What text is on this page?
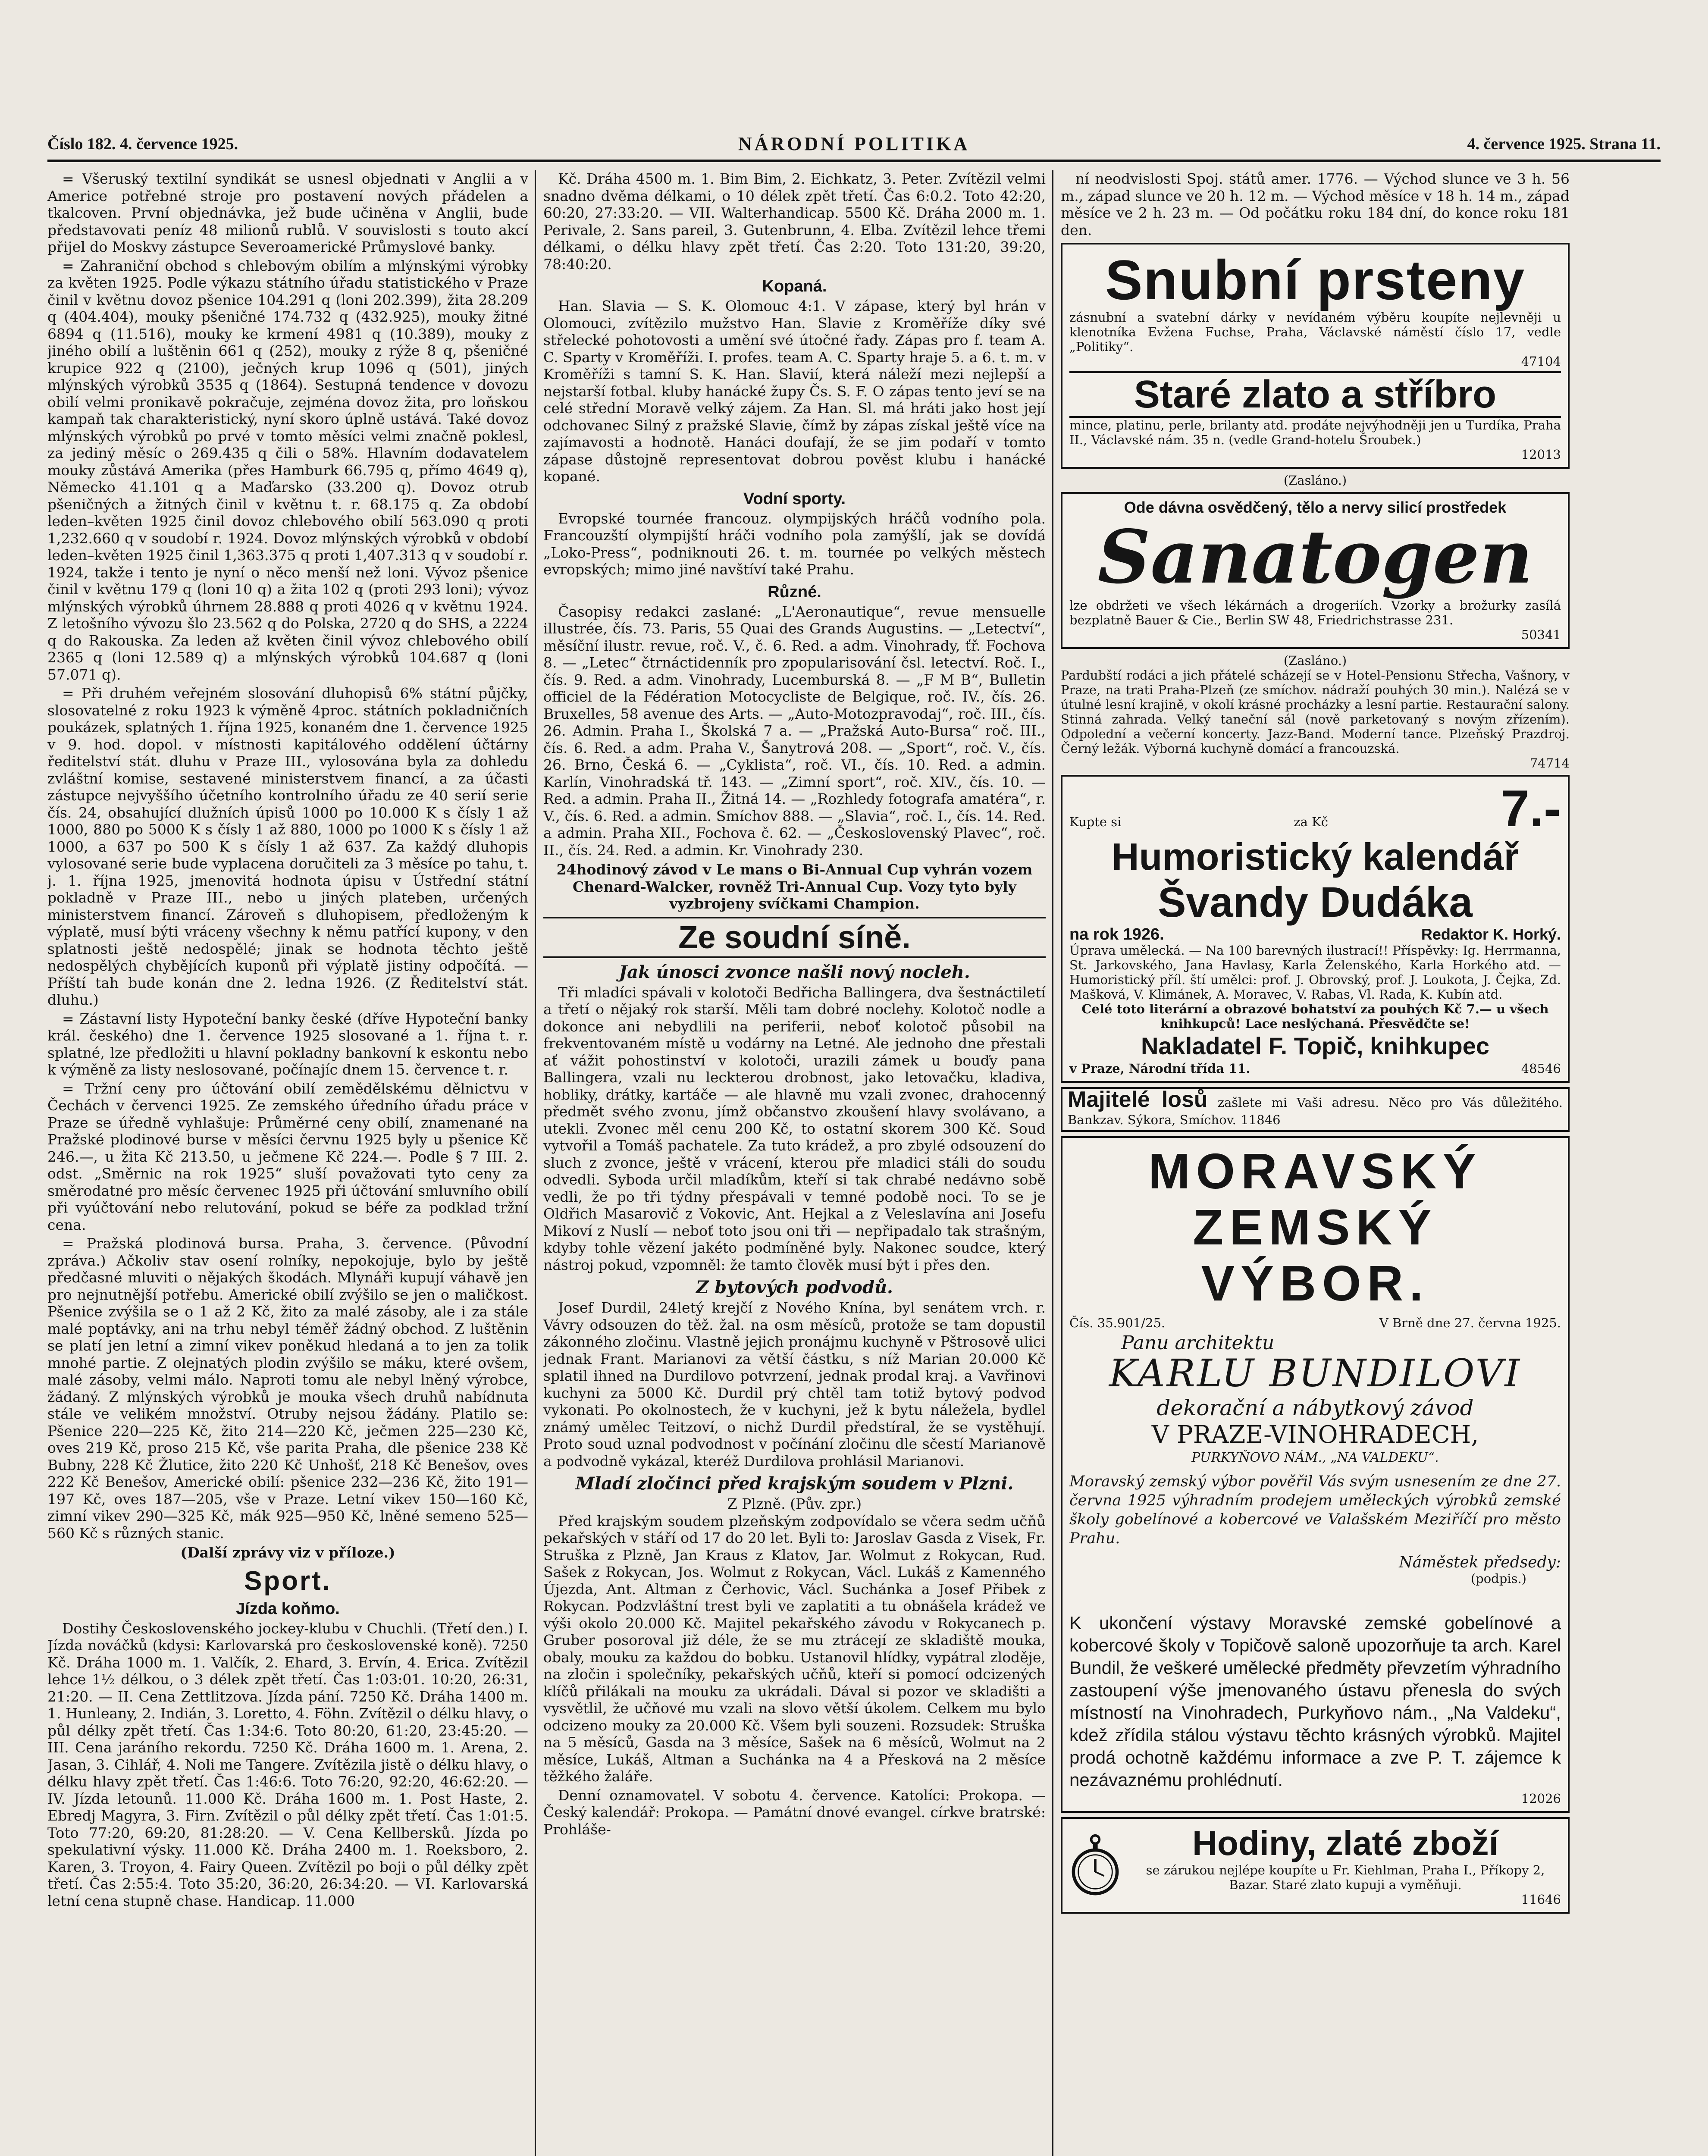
Číslo 182. 4. července 1925.	NÁRODNÍ POLITIKA	4. července 1925. Strana 11.

= Všeruský textilní syndikát se usnesl objednati v Anglii a v Americe potřebné stroje pro postavení nových přádelen a tkalcoven. První objednávka, jež bude učiněna v Anglii, bude představovati peníz 48 milionů rublů. V souvislosti s touto akcí přijel do Moskvy zástupce Severoamerické Průmyslové banky.

= Zahraniční obchod s chlebovým obilím a mlýnskými výrobky za květen 1925. Podle výkazu státního úřadu statistického v Praze činil v květnu dovoz pšenice 104.291 q (loni 202.399), žita 28.209 q (404.404), mouky pšeničné 174.732 q (432.925), mouky žitné 6894 q (11.516), mouky ke krmení 4981 q (10.389), mouky z jiného obilí a luštěnin 661 q (252), mouky z rýže 8 q, pšeničné krupice 922 q (2100), ječných krup 1096 q (501), jiných mlýnských výrobků 3535 q (1864). Sestupná tendence v dovozu obilí velmi pronikavě pokračuje, zejména dovoz žita, pro loňskou kampaň tak charakteristický, nyní skoro úplně ustává. Také dovoz mlýnských výrobků po prvé v tomto měsíci velmi značně poklesl, za jediný měsíc o 269.435 q čili o 58%. Hlavním dodavatelem mouky zůstává Amerika (přes Hamburk 66.795 q, přímo 4649 q), Německo 41.101 q a Maďarsko (33.200 q). Dovoz otrub pšeničných a žitných činil v květnu t. r. 68.175 q. Za období leden–květen 1925 činil dovoz chlebového obilí 563.090 q proti 1,232.660 q v soudobí r. 1924. Dovoz mlýnských výrobků v období leden–květen 1925 činil 1,363.375 q proti 1,407.313 q v soudobí r. 1924, takže i tento je nyní o něco menší než loni. Vývoz pšenice činil v květnu 179 q (loni 10 q) a žita 102 q (proti 293 loni); vývoz mlýnských výrobků úhrnem 28.888 q proti 4026 q v květnu 1924. Z letošního vývozu šlo 23.562 q do Polska, 2720 q do SHS, a 2224 q do Rakouska. Za leden až květen činil vývoz chlebového obilí 2365 q (loni 12.589 q) a mlýnských výrobků 104.687 q (loni 57.071 q).

= Při druhém veřejném slosování dluhopisů 6% státní půjčky, slosovatelné z roku 1923 k výměně 4proc. státních pokladničních poukázek, splatných 1. října 1925, konaném dne 1. července 1925 v 9. hod. dopol. v místnosti kapitálového oddělení účtárny ředitelství stát. dluhu v Praze III., vylosována byla za dohledu zvláštní komise, sestavené ministerstvem financí, a za účasti zástupce nejvyššího účetního kontrolního úřadu ze 40 serií serie čís. 24, obsahující dlužních úpisů 1000 po 10.000 K s čísly 1 až 1000, 880 po 5000 K s čísly 1 až 880, 1000 po 1000 K s čísly 1 až 1000, a 637 po 500 K s čísly 1 až 637. Za každý dluhopis vylosované serie bude vyplacena doručiteli za 3 měsíce po tahu, t. j. 1. října 1925, jmenovitá hodnota úpisu v Ústřední státní pokladně v Praze III., nebo u jiných plateben, určených ministerstvem financí. Zároveň s dluhopisem, předloženým k výplatě, musí býti vráceny všechny k němu patřící kupony, v den splatnosti ještě nedospělé; jinak se hodnota těchto ještě nedospělých chybějících kuponů při výplatě jistiny odpočítá. — Příští tah bude konán dne 2. ledna 1926. (Z Ředitelství stát. dluhu.)

= Zástavní listy Hypoteční banky české (dříve Hypoteční banky král. českého) dne 1. července 1925 slosované a 1. října t. r. splatné, lze předložiti u hlavní pokladny bankovní k eskontu nebo k výměně za listy neslosované, počínajíc dnem 15. července t. r.

= Tržní ceny pro účtování obilí zemědělskému dělnictvu v Čechách v červenci 1925. Ze zemského úředního úřadu práce v Praze se úředně vyhlašuje: Průměrné ceny obilí, znamenané na Pražské plodinové burse v měsíci červnu 1925 byly u pšenice Kč 246.—, u žita Kč 213.50, u ječmene Kč 224.—. Podle § 7 III. 2. odst. „Směrnic na rok 1925“ sluší považovati tyto ceny za směrodatné pro měsíc červenec 1925 při účtování smluvního obilí při vyúčtování nebo relutování, pokud se béře za podklad tržní cena.

= Pražská plodinová bursa. Praha, 3. července. (Původní zpráva.) Ačkoliv stav osení rolníky, nepokojuje, bylo by ještě předčasné mluviti o nějakých škodách. Mlynáři kupují váhavě jen pro nejnutnější potřebu. Americké obilí zvýšilo se jen o maličkost. Pšenice zvýšila se o 1 až 2 Kč, žito za malé zásoby, ale i za stále malé poptávky, ani na trhu nebyl téměř žádný obchod. Z luštěnin se platí jen letní a zimní vikev poněkud hledaná a to jen za tolik mnohé partie. Z olejnatých plodin zvýšilo se máku, které ovšem, malé zásoby, velmi málo. Naproti tomu ale nebyl lněný výrobce, žádaný. Z mlýnských výrobků je mouka všech druhů nabídnuta stále ve velikém množství. Otruby nejsou žádány. Platilo se: Pšenice 220—225 Kč, žito 214—220 Kč, ječmen 225—230 Kč, oves 219 Kč, proso 215 Kč, vše parita Praha, dle pšenice 238 Kč Bubny, 228 Kč Žlutice, žito 220 Kč Unhošť, 218 Kč Benešov, oves 222 Kč Benešov, Americké obilí: pšenice 232—236 Kč, žito 191—197 Kč, oves 187—205, vše v Praze. Letní vikev 150—160 Kč, zimní vikev 290—325 Kč, mák 925—950 Kč, lněné semeno 525—560 Kč s různých stanic.

(Další zprávy viz v příloze.)
Sport.
Jízda koňmo.

Dostihy Československého jockey-klubu v Chuchli. (Třetí den.) I. Jízda nováčků (kdysi: Karlovarská pro československé koně). 7250 Kč. Dráha 1000 m. 1. Valčík, 2. Ehard, 3. Ervín, 4. Erica. Zvítězil lehce 1½ délkou, o 3 délek zpět třetí. Čas 1:03:01. 10:20, 26:31, 21:20. — II. Cena Zettlitzova. Jízda pání. 7250 Kč. Dráha 1400 m. 1. Hunleany, 2. Indián, 3. Loretto, 4. Föhn. Zvítězil o délku hlavy, o půl délky zpět třetí. Čas 1:34:6. Toto 80:20, 61:20, 23:45:20. — III. Cena jaráního rekordu. 7250 Kč. Dráha 1600 m. 1. Arena, 2. Jasan, 3. Cihlář, 4. Noli me Tangere. Zvítězila jistě o délku hlavy, o délku hlavy zpět třetí. Čas 1:46:6. Toto 76:20, 92:20, 46:62:20. — IV. Jízda letounů. 11.000 Kč. Dráha 1600 m. 1. Post Haste, 2. Ebredj Magyra, 3. Firn. Zvítězil o půl délky zpět třetí. Čas 1:01:5. Toto 77:20, 69:20, 81:28:20. — V. Cena Kellbersků. Jízda po spekulativní výsky. 11.000 Kč. Dráha 2400 m. 1. Roeksboro, 2. Karen, 3. Troyon, 4. Fairy Queen. Zvítězil po boji o půl délky zpět třetí. Čas 2:55:4. Toto 35:20, 36:20, 26:34:20. — VI. Karlovarská letní cena stupně chase. Handicap. 11.000

Kč. Dráha 4500 m. 1. Bim Bim, 2. Eichkatz, 3. Peter. Zvítězil velmi snadno dvěma délkami, o 10 délek zpět třetí. Čas 6:0.2. Toto 42:20, 60:20, 27:33:20. — VII. Walterhandicap. 5500 Kč. Dráha 2000 m. 1. Perivale, 2. Sans pareil, 3. Gutenbrunn, 4. Elba. Zvítězil lehce třemi délkami, o délku hlavy zpět třetí. Čas 2:20. Toto 131:20, 39:20, 78:40:20.

Kopaná.

Han. Slavia — S. K. Olomouc 4:1. V zápase, který byl hrán v Olomouci, zvítězilo mužstvo Han. Slavie z Kroměříže díky své střelecké pohotovosti a umění své útočné řady. Zápas pro f. team A. C. Sparty v Kroměříži. I. profes. team A. C. Sparty hraje 5. a 6. t. m. v Kroměříži s tamní S. K. Han. Slavií, která náleží mezi nejlepší a nejstarší fotbal. kluby hanácké župy Čs. S. F. O zápas tento jeví se na celé střední Moravě velký zájem. Za Han. Sl. má hráti jako host její odchovanec Silný z pražské Slavie, čímž by zápas získal ještě více na zajímavosti a hodnotě. Hanáci doufají, že se jim podaří v tomto zápase důstojně representovat dobrou pověst klubu i hanácké kopané.

Vodní sporty.

Evropské tournée francouz. olympijských hráčů vodního pola. Francouzští olympijští hráči vodního pola zamýšlí, jak se dovídá „Loko-Press“, podniknouti 26. t. m. tournée po velkých městech evropských; mimo jiné navštíví také Prahu.

Různé.

Časopisy redakci zaslané: „L'Aeronautique“, revue mensuelle illustrée, čís. 73. Paris, 55 Quai des Grands Augustins. — „Letectví“, měsíční ilustr. revue, roč. V., č. 6. Red. a adm. Vinohrady, ťř. Fochova 8. — „Letec“ čtrnáctidenník pro zpopularisování čsl. letectví. Roč. I., čís. 9. Red. a adm. Vinohrady, Lucemburská 8. — „F M B“, Bulletin officiel de la Fédération Motocycliste de Belgique, roč. IV., čís. 26. Bruxelles, 58 avenue des Arts. — „Auto-Motozpravodaj“, roč. III., čís. 26. Admin. Praha I., Školská 7 a. — „Pražská Auto-Bursa“ roč. III., čís. 6. Red. a adm. Praha V., Šanytrová 208. — „Sport“, roč. V., čís. 26. Brno, Česká 6. — „Cyklista“, roč. VI., čís. 10. Red. a admin. Karlín, Vinohradská tř. 143. — „Zimní sport“, roč. XIV., čís. 10. — Red. a admin. Praha II., Žitná 14. — „Rozhledy fotografa amatéra“, r. V., čís. 6. Red. a admin. Smíchov 888. — „Slavia“, roč. I., čís. 14. Red. a admin. Praha XII., Fochova č. 62. — „Československý Plavec“, roč. II., čís. 24. Red. a admin. Kr. Vinohrady 230.

24hodinový závod v Le mans o Bi-Annual Cup vyhrán vozem Chenard-Walcker, rovněž Tri-Annual Cup. Vozy tyto byly vyzbrojeny svíčkami Champion.
Ze soudní síně.
Jak únosci zvonce našli nový nocleh.

Tři mladíci spávali v kolotoči Bedřicha Ballingera, dva šestnáctiletí a třetí o nějaký rok starší. Měli tam dobré noclehy. Kolotoč nodle a dokonce ani nebydlili na periferii, neboť kolotoč působil na frekventovaném místě u vodárny na Letné. Ale jednoho dne přestali ať vážit pohostinství v kolotoči, urazili zámek u bouďy pana Ballingera, vzali nu leckterou drobnost, jako letovačku, kladiva, hobliky, drátky, kartáče — ale hlavně mu vzali zvonec, drahocenný předmět svého zvonu, jímž občanstvo zkoušení hlavy svolávano, a utekli. Zvonec měl cenu 200 Kč, to ostatní skorem 300 Kč. Soud vytvořil a Tomáš pachatele. Za tuto krádež, a pro zbylé odsouzení do sluch z zvonce, ještě v vrácení, kterou pře mladici stáli do soudu odvedli. Syboda určil mladíkům, kteří si tak chrabé nedávno sobě vedli, že po tři týdny přespávali v temné podobě noci. To se je Oldřich Masarovič z Vokovic, Ant. Hejkal a z Veleslavína ani Josefu Mikoví z Nuslí — neboť toto jsou oni tři — nepřipadalo tak strašným, kdyby tohle vězení jakéto podmíněné byly. Nakonec soudce, který nástroj pokud, vzpomněl: že tamto člověk musí být i přes den.

Z bytových podvodů.

Josef Durdil, 24letý krejčí z Nového Knína, byl senátem vrch. r. Vávry odsouzen do těž. žal. na osm měsíců, protože se tam dopustil zákonného zločinu. Vlastně jejich pronájmu kuchyně v Pštrosově ulici jednak Frant. Marianovi za větší částku, s níž Marian 20.000 Kč splatil ihned na Durdilovo potvrzení, jednak prodal kraj. a Vavřinovi kuchyni za 5000 Kč. Durdil prý chtěl tam totiž bytový podvod vykonati. Po okolnostech, že v kuchyni, jež k bytu náležela, bydlel známý umělec Teitzoví, o nichž Durdil předstíral, že se vystěhují. Proto soud uznal podvodnost v počínání zločinu dle sčestí Marianově a podvodně vykázal, kteréž Durdilova prohlásil Marianovi.

Mladí zločinci před krajským soudem v Plzni.
Z Plzně. (Pův. zpr.)

Před krajským soudem plzeňským zodpovídalo se včera sedm učňů pekařských v stáří od 17 do 20 let. Byli to: Jaroslav Gasda z Visek, Fr. Struška z Plzně, Jan Kraus z Klatov, Jar. Wolmut z Rokycan, Rud. Sašek z Rokycan, Jos. Wolmut z Rokycan, Václ. Lukáš z Kamenného Újezda, Ant. Altman z Čerhovic, Václ. Suchánka a Josef Přibek z Rokycan. Podzvláštní trest byli ve zaplatiti a tu obnášela krádež ve výši okolo 20.000 Kč. Majitel pekařského závodu v Rokycanech p. Gruber posoroval již déle, že se mu ztrácejí ze skladiště mouka, obaly, mouku za každou do bobku. Ustanovil hlídky, vypátral zloděje, na zločin i společníky, pekařských učňů, kteří si pomocí odcizených klíčů přilákali na mouku za ukrádali. Dával si pozor ve skladišti a vysvětlil, že učňové mu vzali na slovo větší úkolem. Celkem mu bylo odcizeno mouky za 20.000 Kč. Všem byli souzeni. Rozsudek: Struška na 5 měsíců, Gasda na 3 měsíce, Sašek na 6 měsíců, Wolmut na 2 měsíce, Lukáš, Altman a Suchánka na 4 a Přesková na 2 měsíce těžkého žaláře.

Denní oznamovatel. V sobotu 4. července. Katolíci: Prokopa. — Český kalendář: Prokopa. — Památní dnové evangel. církve bratrské: Prohláše-

ní neodvislosti Spoj. států amer. 1776. — Východ slunce ve 3 h. 56 m., západ slunce ve 20 h. 12 m. — Východ měsíce v 18 h. 14 m., západ měsíce ve 2 h. 23 m. — Od počátku roku 184 dní, do konce roku 181 den.

Snubní prsteny
zásnubní a svatební dárky v nevídaném výběru koupíte nejlevněji u klenotníka Evžena Fuchse, Praha, Václavské náměstí číslo 17, vedle „Politiky“.
47104
Staré zlato a stříbro
mince, platinu, perle, brilanty atd. prodáte nejvýhodněji jen u Turdíka, Praha II., Václavské nám. 35 n. (vedle Grand-hotelu Šroubek.)
12013
(Zasláno.)
Ode dávna osvědčený, tělo a nervy silicí prostředek
Sanatogen
lze obdržeti ve všech lékárnách a drogeriích. Vzorky a brožurky zasílá bezplatně Bauer & Cie., Berlin SW 48, Friedrichstrasse 231.
50341
(Zasláno.)
Pardubští rodáci a jich přátelé scházejí se v Hotel-Pensionu Střecha, Vašnory, v Praze, na trati Praha-Plzeň (ze smíchov. nádraží pouhých 30 min.). Nalézá se v útulné lesní krajině, v okolí krásné procházky a lesní partie. Restaurační salony. Stinná zahrada. Velký taneční sál (nově parketovaný s novým zřízením). Odpolední a večerní koncerty. Jazz-Band. Moderní tance. Plzeňský Prazdroj. Černý ležák. Výborná kuchyně domácí a francouzská.
74714
Kupte si	za Kč	7.-
Humoristický kalendář
Švandy Dudáka
na rok 1926.	Redaktor K. Horký.
Úprava umělecká. — Na 100 barevných ilustrací!! Příspěvky: Ig. Herrmanna, St. Jarkovského, Jana Havlasy, Karla Želenského, Karla Horkého atd. — Humoristický příl. ští umělci: prof. J. Obrovský, prof. J. Loukota, J. Čejka, Zd. Mašková, V. Klimánek, A. Moravec, V. Rabas, Vl. Rada, K. Kubín atd.
Celé toto literární a obrazové bohatství za pouhých Kč 7.— u všech knihkupců! Lace neslýchaná. Přesvědčte se!
Nakladatel F. Topič, knihkupec
v Praze, Národní třída 11.	48546
Majitelé losů zašlete mi Vaši adresu. Něco pro Vás důležitého. Bankzav. Sýkora, Smíchov. 11846
MORAVSKÝ ZEMSKÝ VÝBOR.
Čís. 35.901/25.	V Brně dne 27. června 1925.
Panu architektu
KARLU BUNDILOVI
dekorační a nábytkový závod
V PRAZE-VINOHRADECH,
PURKYŇOVO NÁM., „NA VALDEKU“.
Moravský zemský výbor pověřil Vás svým usnesením ze dne 27. června 1925 výhradním prodejem uměleckých výrobků zemské školy gobelínové a kobercové ve Valašském Meziříčí pro město Prahu.
Náměstek předsedy:
(podpis.)
K ukončení výstavy Moravské zemské gobelínové a kobercové školy v Topičově saloně upozorňuje ta arch. Karel Bundil, že veškeré umělecké předměty převzetím výhradního zastoupení výše jmenovaného ústavu přenesla do svých místností na Vinohradech, Purkyňovo nám., „Na Valdeku“, kdež zřídila stálou výstavu těchto krásných výrobků. Majitel prodá ochotně každému informace a zve P. T. zájemce k nezávaznému prohlédnutí.
12026
Hodiny, zlaté zboží
se zárukou nejlépe koupíte u Fr. Kiehlman, Praha I., Příkopy 2, Bazar. Staré zlato kupuji a vyměňuji.
11646
